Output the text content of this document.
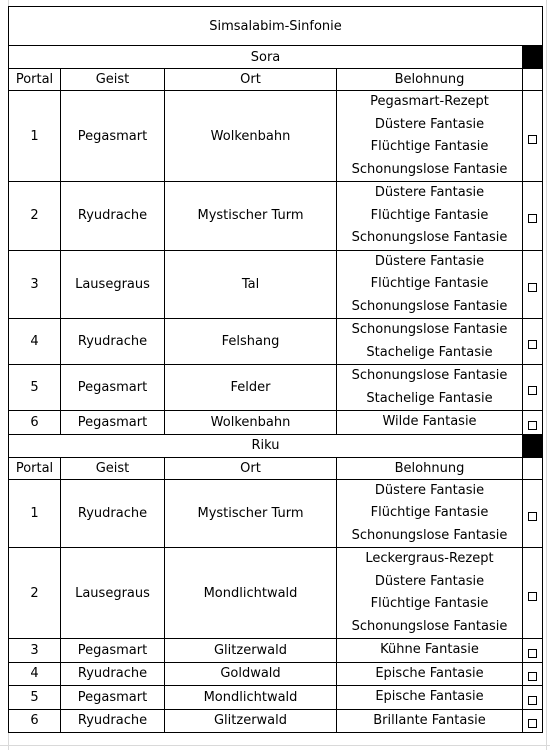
Simsalabim-Sinfonie				
Sora				
Portal	Geist	Ort	Belohnung	
1	Pegasmart	Wolkenbahn	Pegasmart-Rezept
Düstere Fantasie
Flüchtige Fantasie
Schonungslose Fantasie	

2	Ryudrache	Mystischer Turm	Düstere Fantasie
Flüchtige Fantasie
Schonungslose Fantasie	

3	Lausegraus	Tal	Düstere Fantasie
Flüchtige Fantasie
Schonungslose Fantasie	

4	Ryudrache	Felshang	Schonungslose Fantasie
Stachelige Fantasie	

5	Pegasmart	Felder	Schonungslose Fantasie
Stachelige Fantasie	

6	Pegasmart	Wolkenbahn	Wilde Fantasie	

Riku				
Portal	Geist	Ort	Belohnung	
1	Ryudrache	Mystischer Turm	Düstere Fantasie
Flüchtige Fantasie
Schonungslose Fantasie	

2	Lausegraus	Mondlichtwald	Leckergraus-Rezept
Düstere Fantasie
Flüchtige Fantasie
Schonungslose Fantasie	

3	Pegasmart	Glitzerwald	Kühne Fantasie	

4	Ryudrache	Goldwald	Epische Fantasie	

5	Pegasmart	Mondlichtwald	Epische Fantasie	

6	Ryudrache	Glitzerwald	Brillante Fantasie	
